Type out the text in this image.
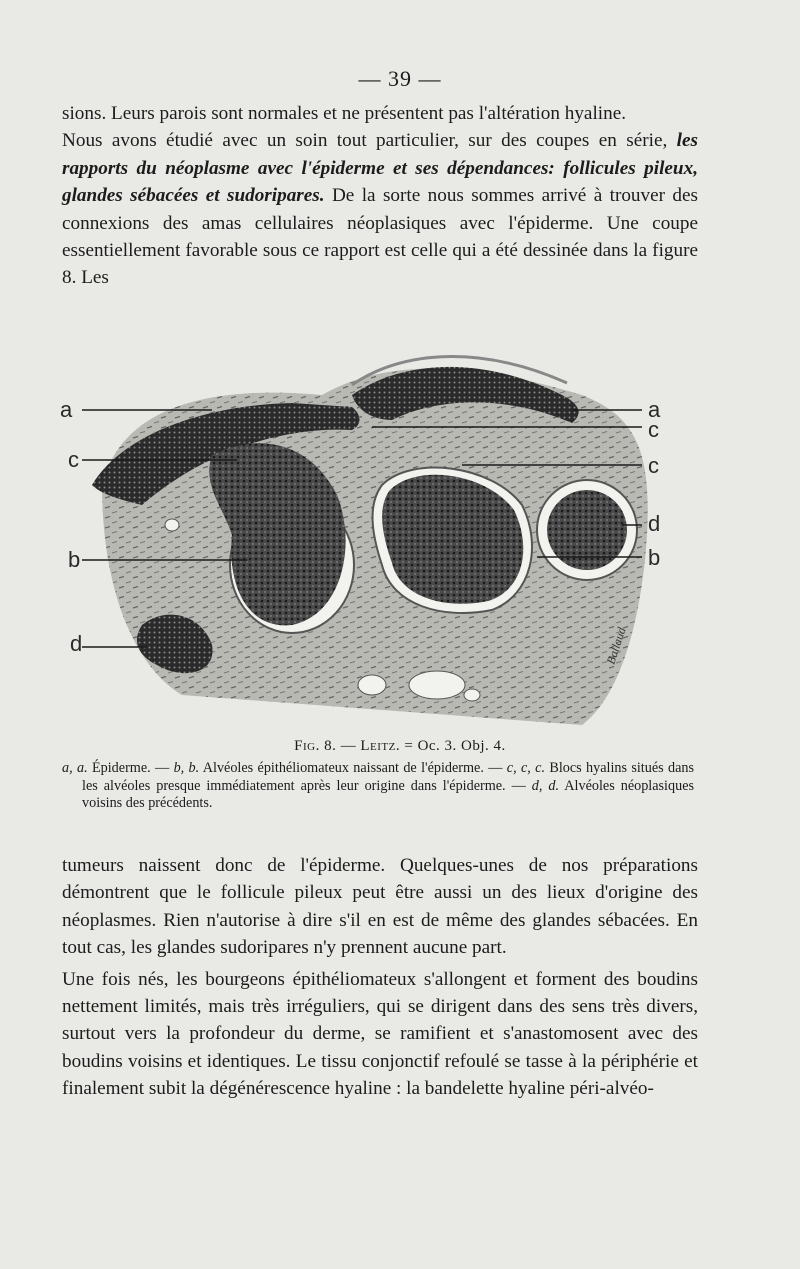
— 39 —

sions. Leurs parois sont normales et ne présentent pas l'altération hyaline.

Nous avons étudié avec un soin tout particulier, sur des coupes en série, les rapports du néoplasme avec l'épiderme et ses dépendances: follicules pileux, glandes sébacées et sudoripares. De la sorte nous sommes arrivé à trouver des connexions des amas cellulaires néoplasiques avec l'épiderme. Une coupe essentiellement favorable sous ce rapport est celle qui a été dessinée dans la figure 8. Les

Ballaud
a
c
b
d
a
c
c
d
b
Fig. 8. — Leitz. = Oc. 3. Obj. 4.
a, a. Épiderme. — b, b. Alvéoles épithéliomateux naissant de l'épiderme. — c, c, c. Blocs hyalins situés dans les alvéoles presque immédiatement après leur origine dans l'épiderme. — d, d. Alvéoles néoplasiques voisins des précédents.

tumeurs naissent donc de l'épiderme. Quelques-unes de nos préparations démontrent que le follicule pileux peut être aussi un des lieux d'origine des néoplasmes. Rien n'autorise à dire s'il en est de même des glandes sébacées. En tout cas, les glandes sudoripares n'y prennent aucune part.

Une fois nés, les bourgeons épithéliomateux s'allongent et forment des boudins nettement limités, mais très irréguliers, qui se dirigent dans des sens très divers, surtout vers la profondeur du derme, se ramifient et s'anastomosent avec des boudins voisins et identiques. Le tissu conjonctif refoulé se tasse à la périphérie et finalement subit la dégénérescence hyaline : la bandelette hyaline péri-alvéo-
